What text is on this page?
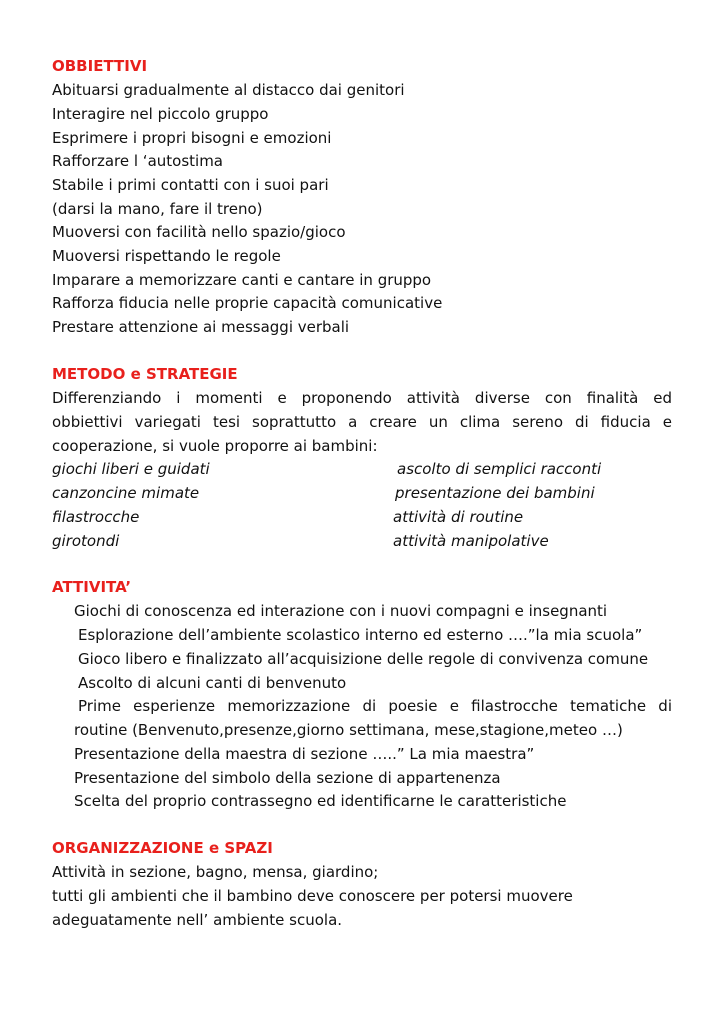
OBBIETTIVI
Abituarsi gradualmente al distacco dai genitori
Interagire nel piccolo gruppo
Esprimere i propri bisogni e emozioni
Rafforzare l ‘autostima
Stabile i primi contatti con i suoi pari
(darsi la mano, fare il treno)
Muoversi con facilità nello spazio/gioco
Muoversi rispettando le regole
Imparare a memorizzare canti e cantare in gruppo
Rafforza fiducia nelle proprie capacità comunicative
Prestare attenzione ai messaggi verbali
METODO e STRATEGIE
Differenziando i momenti e proponendo attività diverse con finalità ed
obbiettivi variegati tesi soprattutto a creare un clima sereno di fiducia e
cooperazione, si vuole proporre ai bambini:
giochi liberi e guidati
canzoncine mimate
filastrocche
girotondi
ascolto di semplici racconti
presentazione dei bambini
attività di routine
attività manipolative
ATTIVITA’
Giochi di conoscenza ed interazione con i nuovi compagni e insegnanti
Esplorazione dell’ambiente scolastico interno ed esterno ….”la mia scuola”
Gioco libero e finalizzato all’acquisizione delle regole di convivenza comune
Ascolto di alcuni canti di benvenuto
Prime esperienze memorizzazione di poesie e filastrocche tematiche di
routine (Benvenuto,presenze,giorno settimana, mese,stagione,meteo …)
Presentazione della maestra di sezione …..” La mia maestra”
Presentazione del simbolo della sezione di appartenenza
Scelta del proprio contrassegno ed identificarne le caratteristiche
ORGANIZZAZIONE e SPAZI
Attività in sezione, bagno, mensa, giardino;
tutti gli ambienti che il bambino deve conoscere per potersi muovere
adeguatamente nell’ ambiente scuola.
